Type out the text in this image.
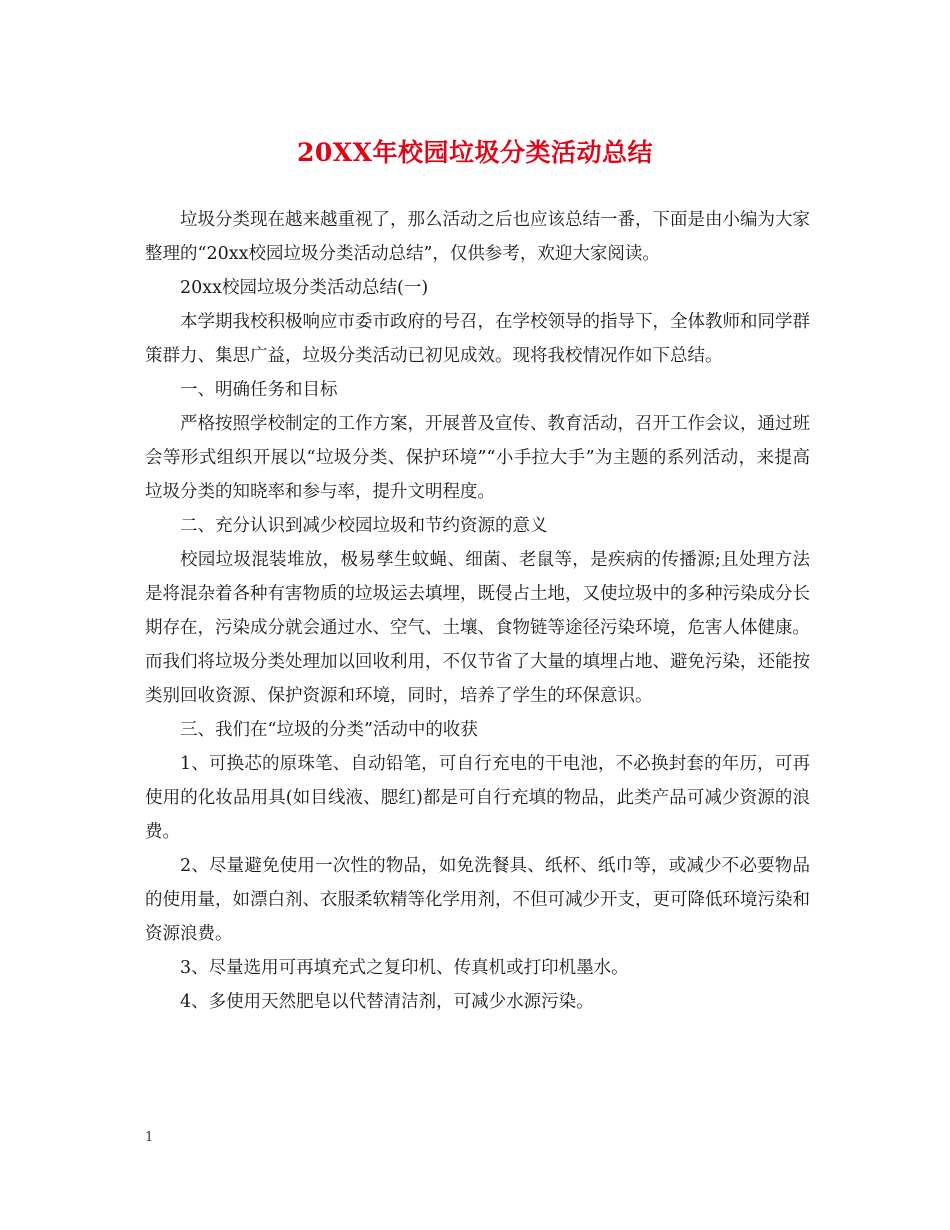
20XX年校园垃圾分类活动总结

垃圾分类现在越来越重视了，那么活动之后也应该总结一番，下面是由小编为大家整理的“20xx校园垃圾分类活动总结”，仅供参考，欢迎大家阅读。

20xx校园垃圾分类活动总结(一)

本学期我校积极响应市委市政府的号召，在学校领导的指导下，全体教师和同学群策群力、集思广益，垃圾分类活动已初见成效。现将我校情况作如下总结。

一、明确任务和目标

严格按照学校制定的工作方案，开展普及宣传、教育活动，召开工作会议，通过班会等形式组织开展以“垃圾分类、保护环境”“小手拉大手”为主题的系列活动，来提高垃圾分类的知晓率和参与率，提升文明程度。

二、充分认识到减少校园垃圾和节约资源的意义

校园垃圾混装堆放，极易孳生蚊蝇、细菌、老鼠等，是疾病的传播源;且处理方法是将混杂着各种有害物质的垃圾运去填埋，既侵占土地，又使垃圾中的多种污染成分长期存在，污染成分就会通过水、空气、土壤、食物链等途径污染环境，危害人体健康。而我们将垃圾分类处理加以回收利用，不仅节省了大量的填埋占地、避免污染，还能按类别回收资源、保护资源和环境，同时，培养了学生的环保意识。

三、我们在“垃圾的分类”活动中的收获

1、可换芯的原珠笔、自动铅笔，可自行充电的干电池，不必换封套的年历，可再使用的化妆品用具(如目线液、腮红)都是可自行充填的物品，此类产品可减少资源的浪费。

2、尽量避免使用一次性的物品，如免洗餐具、纸杯、纸巾等，或减少不必要物品的使用量，如漂白剂、衣服柔软精等化学用剂，不但可减少开支，更可降低环境污染和资源浪费。

3、尽量选用可再填充式之复印机、传真机或打印机墨水。

4、多使用天然肥皂以代替清洁剂，可减少水源污染。

1
